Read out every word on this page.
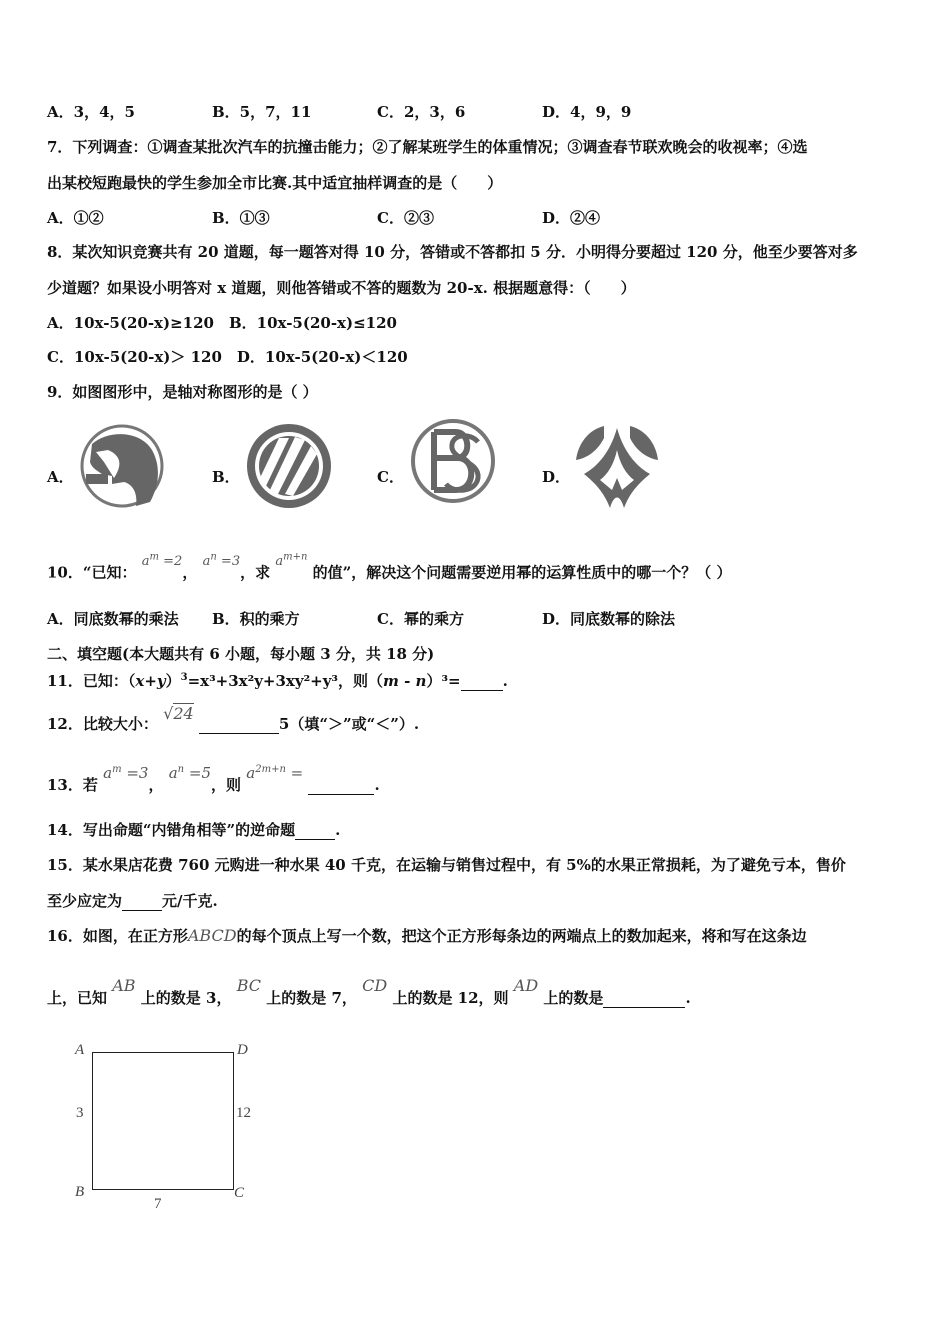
A．3，4，5	B．5，7，11	C．2，3，6	D．4，9，9
7．下列调查：①调查某批次汽车的抗撞击能力；②了解某班学生的体重情况；③调查春节联欢晚会的收视率；④选
出某校短跑最快的学生参加全市比赛.其中适宜抽样调查的是（　　）
A．①②	B．①③	C．②③	D．②④
8．某次知识竞赛共有 20 道题，每一题答对得 10 分，答错或不答都扣 5 分．小明得分要超过 120 分，他至少要答对多
少道题？如果设小明答对 x 道题，则他答错或不答的题数为 20-x. 根据题意得：（　　）
A．10x-5(20-x)≥120　B．10x-5(20-x)≤120
C．10x-5(20-x)＞ 120　D．10x-5(20-x)＜120
9．如图图形中，是轴对称图形的是（ ）
A．	B．	C．	D．
10．“已知： $a^m =2$， $a^n =3$，求 $a^{m+n}$ 的值”，解决这个问题需要逆用幂的运算性质中的哪一个？（ ）
A．同底数幂的乘法 B．积的乘方	C．幂的乘方	D．同底数幂的除法
二、填空题(本大题共有 6 小题，每小题 3 分，共 18 分)
11．已知：$(x+y)^3=x^3+3x^2y+3xy^2+y^3$，则（m - n）³=	.
12．比较大小： √24 5（填“＞”或“＜”）.
13．若 $a^m =3$， $a^n =5$，则 $a^{2m+n}$ = .
14．写出命题“内错角相等”的逆命题	.
15．某水果店花费 760 元购进一种水果 40 千克，在运输与销售过程中，有 5%的水果正常损耗，为了避免亏本，售价
至少应定为	元/千克.
16．如图，在正方形ABCD的每个顶点上写一个数，把这个正方形每条边的两端点上的数加起来，将和写在这条边
上，已知 AB 上的数是 3， BC 上的数是 7， CD 上的数是 12，则 AD 上的数是	.
A	D
B	C
3	12
7
